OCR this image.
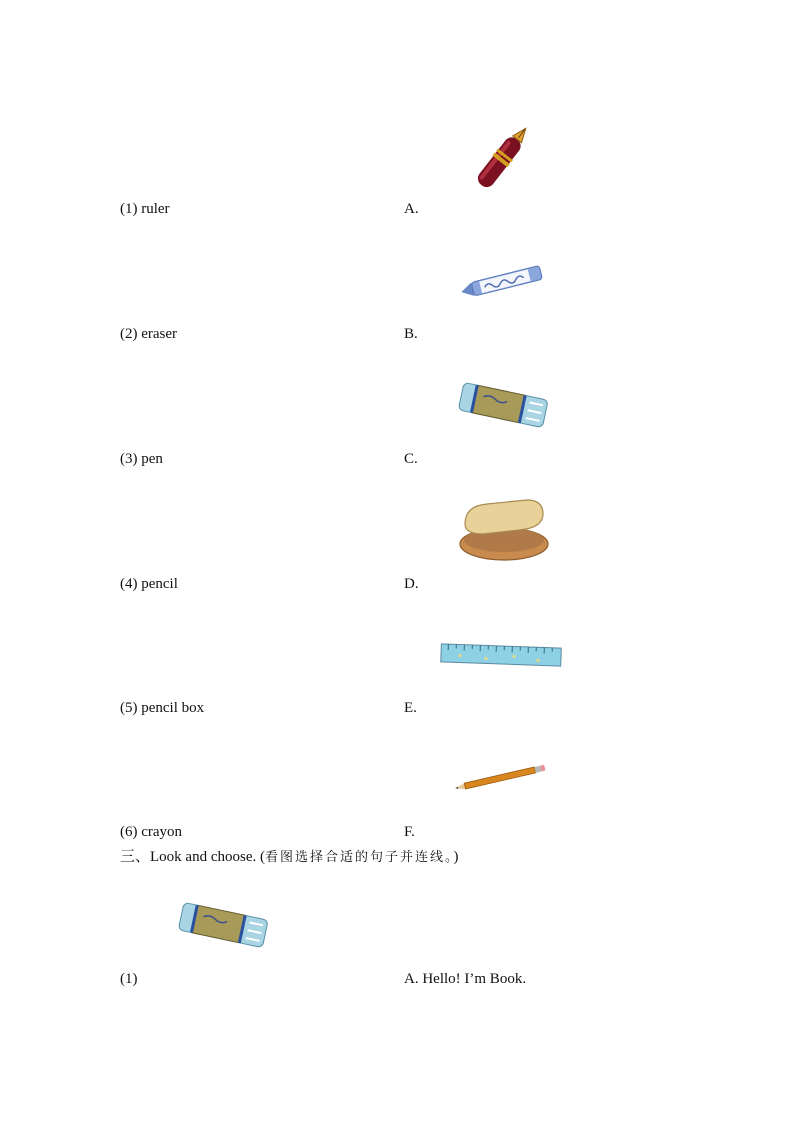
(1) ruler	A.
(2) eraser	B.
(3) pen	C.
(4) pencil	D.
(5) pencil box	E.
(6) crayon	F.
三、Look and choose. (看图选择合适的句子并连线。)
(1)	A. Hello! I’m Book.
